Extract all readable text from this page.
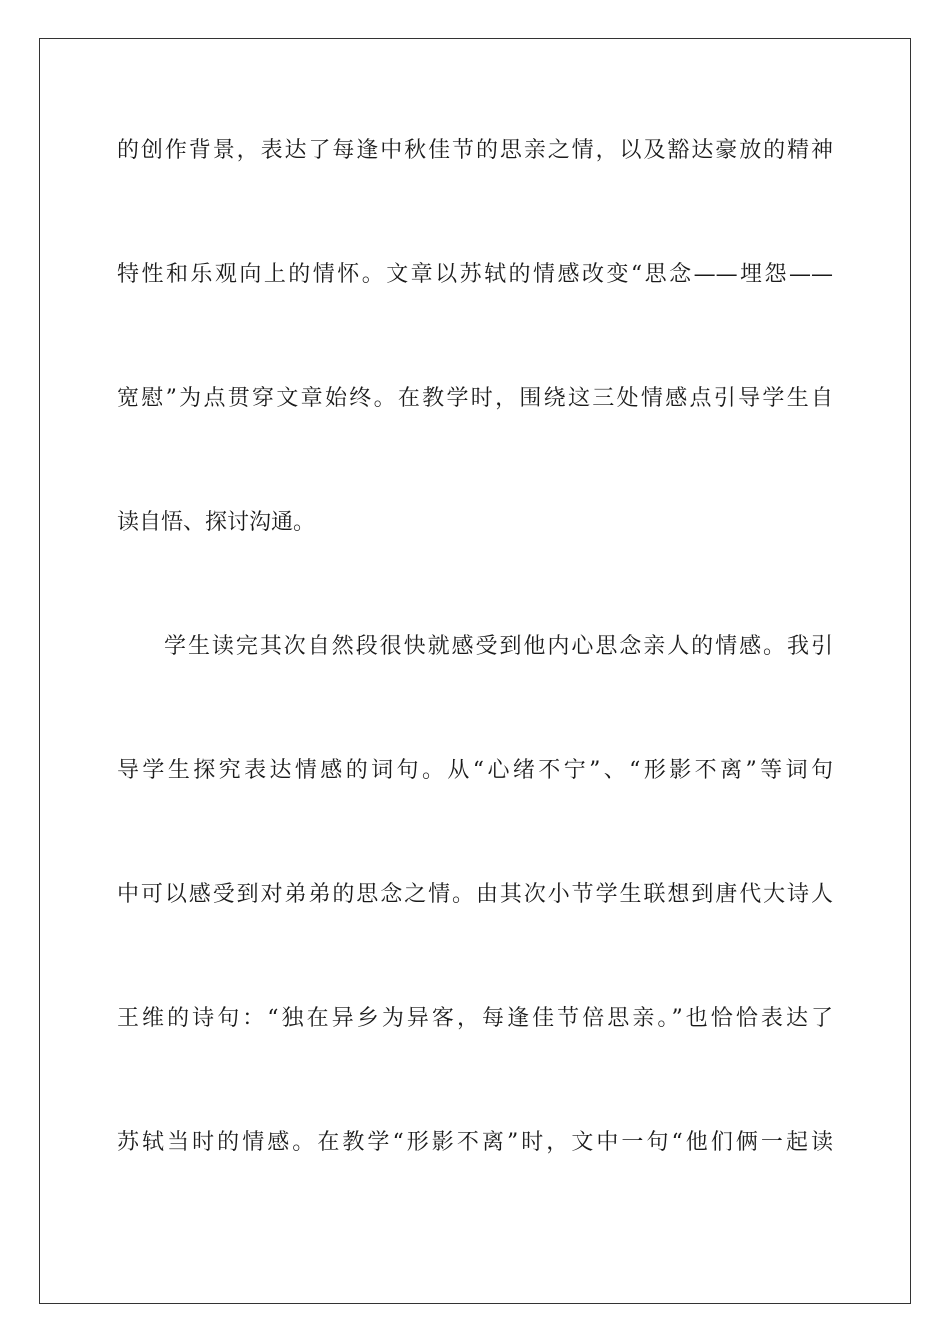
的创作背景，表达了每逢中秋佳节的思亲之情，以及豁达豪放的精神
特性和乐观向上的情怀。文章以苏轼的情感改变“思念——埋怨——
宽慰”为点贯穿文章始终。在教学时，围绕这三处情感点引导学生自
读自悟、探讨沟通。
学生读完其次自然段很快就感受到他内心思念亲人的情感。我引
导学生探究表达情感的词句。从“心绪不宁”、“形影不离”等词句
中可以感受到对弟弟的思念之情。由其次小节学生联想到唐代大诗人
王维的诗句：“独在异乡为异客，每逢佳节倍思亲。”也恰恰表达了
苏轼当时的情感。在教学“形影不离”时，文中一句“他们俩一起读
